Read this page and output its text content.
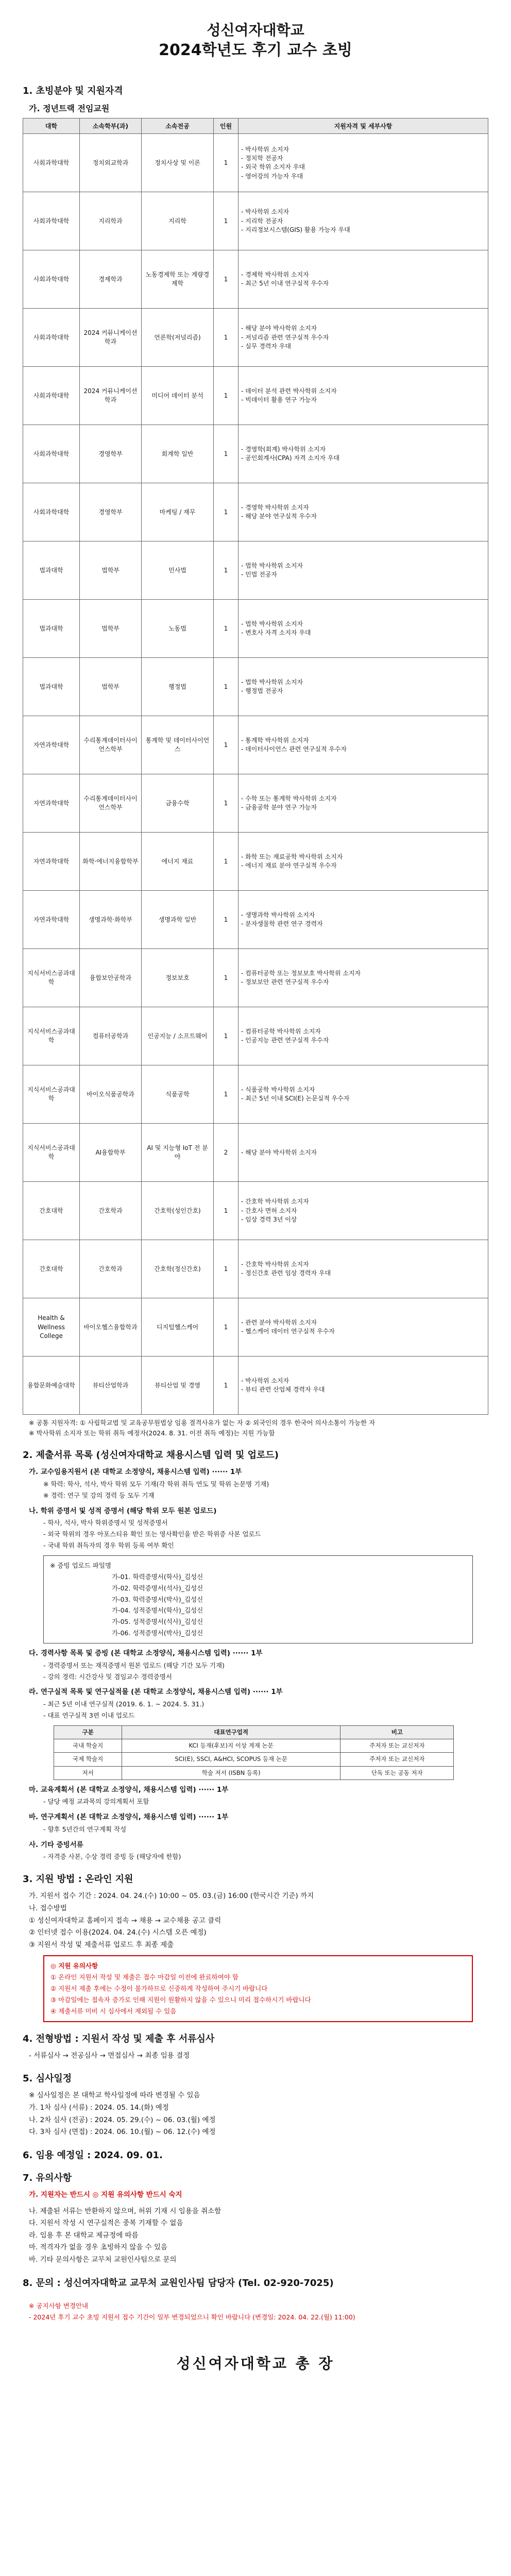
성신여자대학교
2024학년도 후기 교수 초빙
1. 초빙분야 및 지원자격
가. 정년트랙 전임교원
대학	소속학부(과)	소속전공	인원	지원자격 및 세부사항
사회과학대학	정치외교학과	정치사상 및 이론	1	- 박사학위 소지자
- 정치학 전공자
- 외국 학위 소지자 우대
- 영어강의 가능자 우대
사회과학대학	지리학과	지리학	1	- 박사학위 소지자
- 지리학 전공자
- 지리정보시스템(GIS) 활용 가능자 우대
사회과학대학	경제학과	노동경제학 또는 계량경제학	1	- 경제학 박사학위 소지자
- 최근 5년 이내 연구실적 우수자
사회과학대학	2024 커뮤니케이션학과	언론학(저널리즘)	1	- 해당 분야 박사학위 소지자
- 저널리즘 관련 연구실적 우수자
- 실무 경력자 우대
사회과학대학	2024 커뮤니케이션학과	미디어 데이터 분석	1	- 데이터 분석 관련 박사학위 소지자
- 빅데이터 활용 연구 가능자
사회과학대학	경영학부	회계학 일반	1	- 경영학(회계) 박사학위 소지자
- 공인회계사(CPA) 자격 소지자 우대
사회과학대학	경영학부	마케팅 / 재무	1	- 경영학 박사학위 소지자
- 해당 분야 연구실적 우수자
법과대학	법학부	민사법	1	- 법학 박사학위 소지자
- 민법 전공자
법과대학	법학부	노동법	1	- 법학 박사학위 소지자
- 변호사 자격 소지자 우대
법과대학	법학부	행정법	1	- 법학 박사학위 소지자
- 행정법 전공자
자연과학대학	수리통계데이터사이언스학부	통계학 및 데이터사이언스	1	- 통계학 박사학위 소지자
- 데이터사이언스 관련 연구실적 우수자
자연과학대학	수리통계데이터사이언스학부	금융수학	1	- 수학 또는 통계학 박사학위 소지자
- 금융공학 분야 연구 가능자
자연과학대학	화학·에너지융합학부	에너지 재료	1	- 화학 또는 재료공학 박사학위 소지자
- 에너지 재료 분야 연구실적 우수자
자연과학대학	생명과학·화학부	생명과학 일반	1	- 생명과학 박사학위 소지자
- 분자생물학 관련 연구 경력자
지식서비스공과대학	융합보안공학과	정보보호	1	- 컴퓨터공학 또는 정보보호 박사학위 소지자
- 정보보안 관련 연구실적 우수자
지식서비스공과대학	컴퓨터공학과	인공지능 / 소프트웨어	1	- 컴퓨터공학 박사학위 소지자
- 인공지능 관련 연구실적 우수자
지식서비스공과대학	바이오식품공학과	식품공학	1	- 식품공학 박사학위 소지자
- 최근 5년 이내 SCI(E) 논문실적 우수자
지식서비스공과대학	AI융합학부	AI 및 지능형 IoT 전 분야	2	- 해당 분야 박사학위 소지자
간호대학	간호학과	간호학(성인간호)	1	- 간호학 박사학위 소지자
- 간호사 면허 소지자
- 임상 경력 3년 이상
간호대학	간호학과	간호학(정신간호)	1	- 간호학 박사학위 소지자
- 정신간호 관련 임상 경력자 우대
Health & Wellness College	바이오헬스융합학과	디지털헬스케어	1	- 관련 분야 박사학위 소지자
- 헬스케어 데이터 연구실적 우수자
융합문화예술대학	뷰티산업학과	뷰티산업 및 경영	1	- 박사학위 소지자
- 뷰티 관련 산업체 경력자 우대
※ 공통 지원자격: ① 사립학교법 및 교육공무원법상 임용 결격사유가 없는 자 ② 외국인의 경우 한국어 의사소통이 가능한 자
※ 박사학위 소지자 또는 학위 취득 예정자(2024. 8. 31. 이전 취득 예정)는 지원 가능함
2. 제출서류 목록 (성신여자대학교 채용시스템 입력 및 업로드)
가. 교수임용지원서 (본 대학교 소정양식, 채용시스템 입력) ······ 1부
※ 학력: 학사, 석사, 박사 학위 모두 기재(각 학위 취득 연도 및 학위 논문명 기재)
※ 경력: 연구 및 강의 경력 등 모두 기재
나. 학위 증명서 및 성적 증명서 (해당 학위 모두 원본 업로드)
- 학사, 석사, 박사 학위증명서 및 성적증명서
- 외국 학위의 경우 아포스티유 확인 또는 영사확인을 받은 학위증 사본 업로드
- 국내 학위 취득자의 경우 학위 등록 여부 확인
※ 증빙 업로드 파일명
가-01. 학력증명서(학사)_김성신
가-02. 학력증명서(석사)_김성신
가-03. 학력증명서(박사)_김성신
가-04. 성적증명서(학사)_김성신
가-05. 성적증명서(석사)_김성신
가-06. 성적증명서(박사)_김성신
다. 경력사항 목록 및 증빙 (본 대학교 소정양식, 채용시스템 입력) ······ 1부
- 경력증명서 또는 재직증명서 원본 업로드 (해당 기간 모두 기재)
- 강의 경력: 시간강사 및 겸임교수 경력증명서
라. 연구실적 목록 및 연구실적물 (본 대학교 소정양식, 채용시스템 입력) ······ 1부
- 최근 5년 이내 연구실적 (2019. 6. 1. ~ 2024. 5. 31.)
- 대표 연구실적 3편 이내 업로드
구분	대표연구업적	비고
국내 학술지	KCI 등재(후보)지 이상 게재 논문	주저자 또는 교신저자
국제 학술지	SCI(E), SSCI, A&HCI, SCOPUS 등재 논문	주저자 또는 교신저자
저서	학술 저서 (ISBN 등록)	단독 또는 공동 저자
마. 교육계획서 (본 대학교 소정양식, 채용시스템 입력) ······ 1부
- 담당 예정 교과목의 강의계획서 포함
바. 연구계획서 (본 대학교 소정양식, 채용시스템 입력) ······ 1부
- 향후 5년간의 연구계획 작성
사. 기타 증빙서류
- 자격증 사본, 수상 경력 증빙 등 (해당자에 한함)
3. 지원 방법 : 온라인 지원
가. 지원서 접수 기간 : 2024. 04. 24.(수) 10:00 ~ 05. 03.(금) 16:00 (한국시간 기준) 까지
나. 접수방법
① 성신여자대학교 홈페이지 접속 → 채용 → 교수채용 공고 클릭
② 인터넷 접수 이용(2024. 04. 24.(수) 시스템 오픈 예정)
③ 지원서 작성 및 제출서류 업로드 후 최종 제출
◎ 지원 유의사항
① 온라인 지원서 작성 및 제출은 접수 마감일 이전에 완료하여야 함
② 지원서 제출 후에는 수정이 불가하므로 신중하게 작성하여 주시기 바랍니다
③ 마감일에는 접속자 증가로 인해 지원이 원활하지 않을 수 있으니 미리 접수하시기 바랍니다
④ 제출서류 미비 시 심사에서 제외될 수 있음
4. 전형방법 : 지원서 작성 및 제출 후 서류심사
- 서류심사 → 전공심사 → 면접심사 → 최종 임용 결정
5. 심사일정
※ 심사일정은 본 대학교 학사일정에 따라 변경될 수 있음
가. 1차 심사 (서류) : 2024. 05. 14.(화) 예정
나. 2차 심사 (전공) : 2024. 05. 29.(수) ~ 06. 03.(월) 예정
다. 3차 심사 (면접) : 2024. 06. 10.(월) ~ 06. 12.(수) 예정
6. 임용 예정일 : 2024. 09. 01.
7. 유의사항
가. 지원자는 반드시 ◎ 지원 유의사항 반드시 숙지
나. 제출된 서류는 반환하지 않으며, 허위 기재 시 임용을 취소함
다. 지원서 작성 시 연구실적은 중복 기재할 수 없음
라. 임용 후 본 대학교 제규정에 따름
마. 적격자가 없을 경우 초빙하지 않을 수 있음
바. 기타 문의사항은 교무처 교원인사팀으로 문의
8. 문의 : 성신여자대학교 교무처 교원인사팀 담당자 (Tel. 02-920-7025)
※ 공지사항 변경안내
- 2024년 후기 교수 초빙 지원서 접수 기간이 일부 변경되었으니 확인 바랍니다 (변경일: 2024. 04. 22.(월) 11:00)
성신여자대학교 총 장
